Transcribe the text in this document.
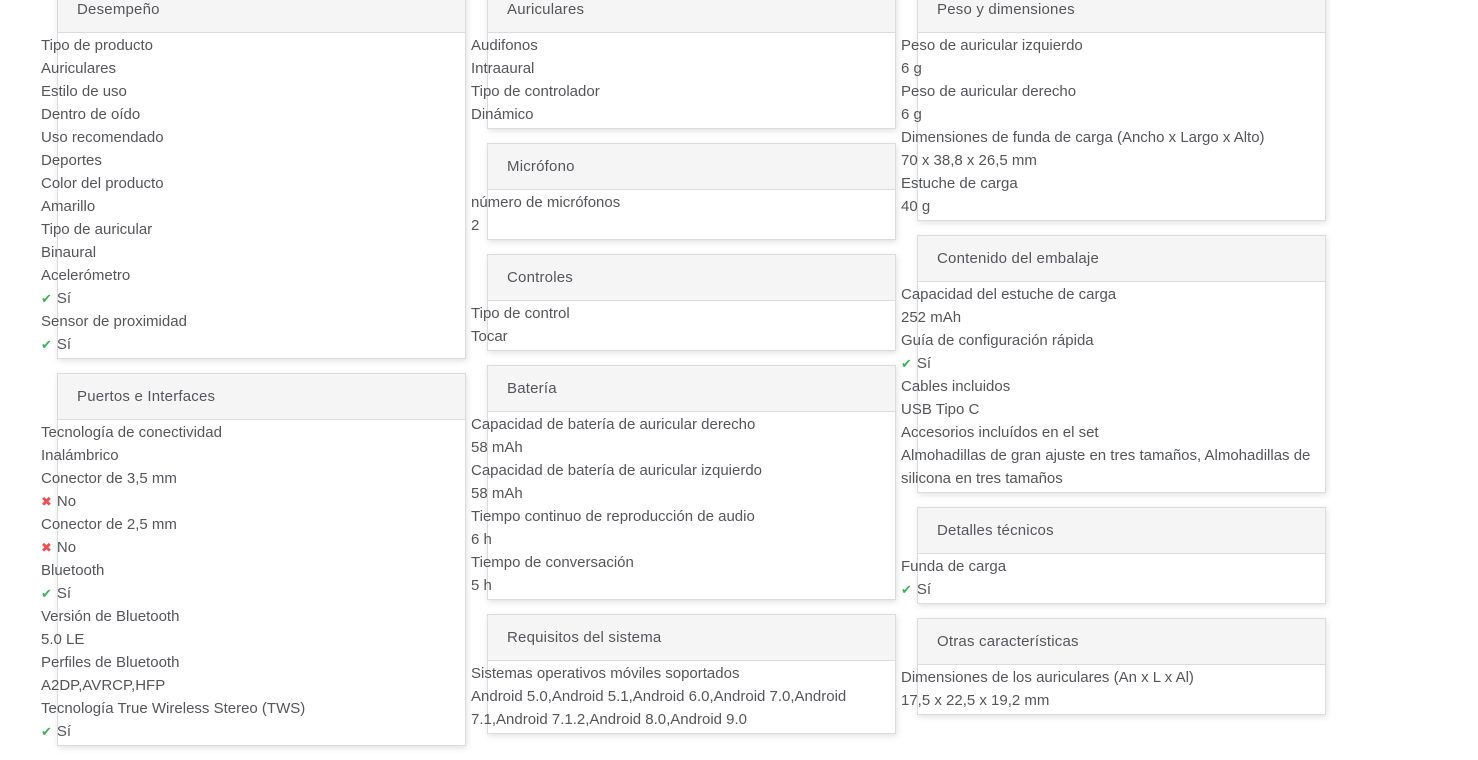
Desempeño
Tipo de producto
Auriculares
Estilo de uso
Dentro de oído
Uso recomendado
Deportes
Color del producto
Amarillo
Tipo de auricular
Binaural
Acelerómetro
✔ Sí
Sensor de proximidad
✔ Sí
Puertos e Interfaces
Tecnología de conectividad
Inalámbrico
Conector de 3,5 mm
✖ No
Conector de 2,5 mm
✖ No
Bluetooth
✔ Sí
Versión de Bluetooth
5.0 LE
Perfiles de Bluetooth
A2DP,AVRCP,HFP
Tecnología True Wireless Stereo (TWS)
✔ Sí
Auriculares
Audifonos
Intraaural
Tipo de controlador
Dinámico
Micrófono
número de micrófonos
2
Controles
Tipo de control
Tocar
Batería
Capacidad de batería de auricular derecho
58 mAh
Capacidad de batería de auricular izquierdo
58 mAh
Tiempo continuo de reproducción de audio
6 h
Tiempo de conversación
5 h
Requisitos del sistema
Sistemas operativos móviles soportados
Android 5.0,Android 5.1,Android 6.0,Android 7.0,Android 7.1,Android 7.1.2,Android 8.0,Android 9.0
Peso y dimensiones
Peso de auricular izquierdo
6 g
Peso de auricular derecho
6 g
Dimensiones de funda de carga (Ancho x Largo x Alto)
70 x 38,8 x 26,5 mm
Estuche de carga
40 g
Contenido del embalaje
Capacidad del estuche de carga
252 mAh
Guía de configuración rápida
✔ Sí
Cables incluidos
USB Tipo C
Accesorios incluídos en el set
Almohadillas de gran ajuste en tres tamaños, Almohadillas de silicona en tres tamaños
Detalles técnicos
Funda de carga
✔ Sí
Otras características
Dimensiones de los auriculares (An x L x Al)
17,5 x 22,5 x 19,2 mm
